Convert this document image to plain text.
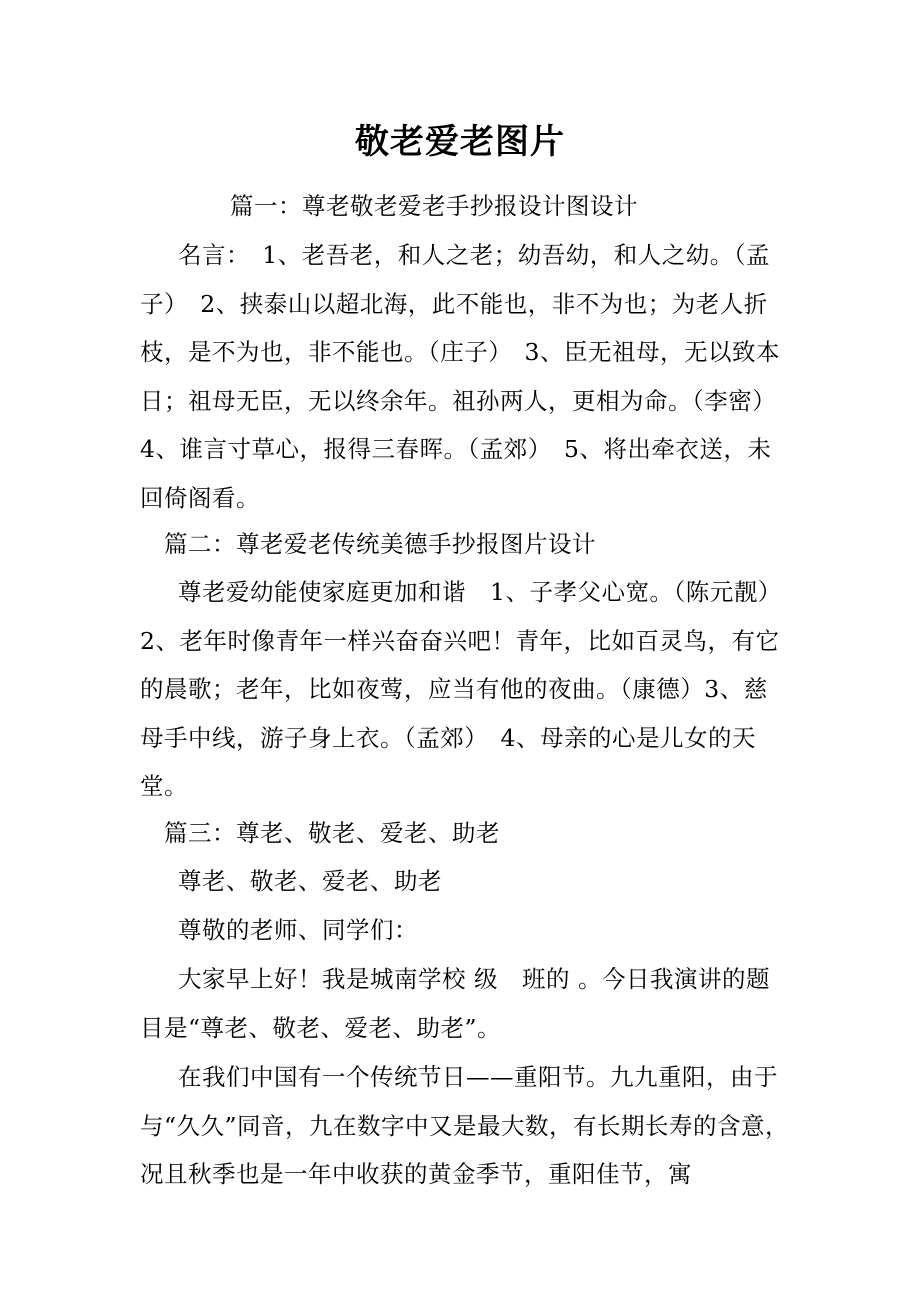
敬老爱老图片
篇一：尊老敬老爱老手抄报设计图设计

名言：　1、老吾老，和人之老；幼吾幼，和人之幼。（孟子）　2、挟泰山以超北海，此不能也，非不为也；为老人折枝，是不为也，非不能也。（庄子）　3、臣无祖母，无以致本日；祖母无臣，无以终余年。祖孙两人，更相为命。（李密）　4、谁言寸草心，报得三春晖。（孟郊）　5、将出牵衣送，未回倚阁看。

篇二：尊老爱老传统美德手抄报图片设计

尊老爱幼能使家庭更加和谐　1、子孝父心宽。（陈元靓）2、老年时像青年一样兴奋奋兴吧！青年，比如百灵鸟，有它的晨歌；老年，比如夜莺，应当有他的夜曲。（康德）3、慈母手中线，游子身上衣。（孟郊）　4、母亲的心是儿女的天堂。

篇三：尊老、敬老、爱老、助老

尊老、敬老、爱老、助老

尊敬的老师、同学们：

大家早上好！我是城南学校 级　班的 。今日我演讲的题目是“尊老、敬老、爱老、助老”。

在我们中国有一个传统节日——重阳节。九九重阳，由于与“久久”同音，九在数字中又是最大数，有长期长寿的含意，况且秋季也是一年中收获的黄金季节，重阳佳节，寓
